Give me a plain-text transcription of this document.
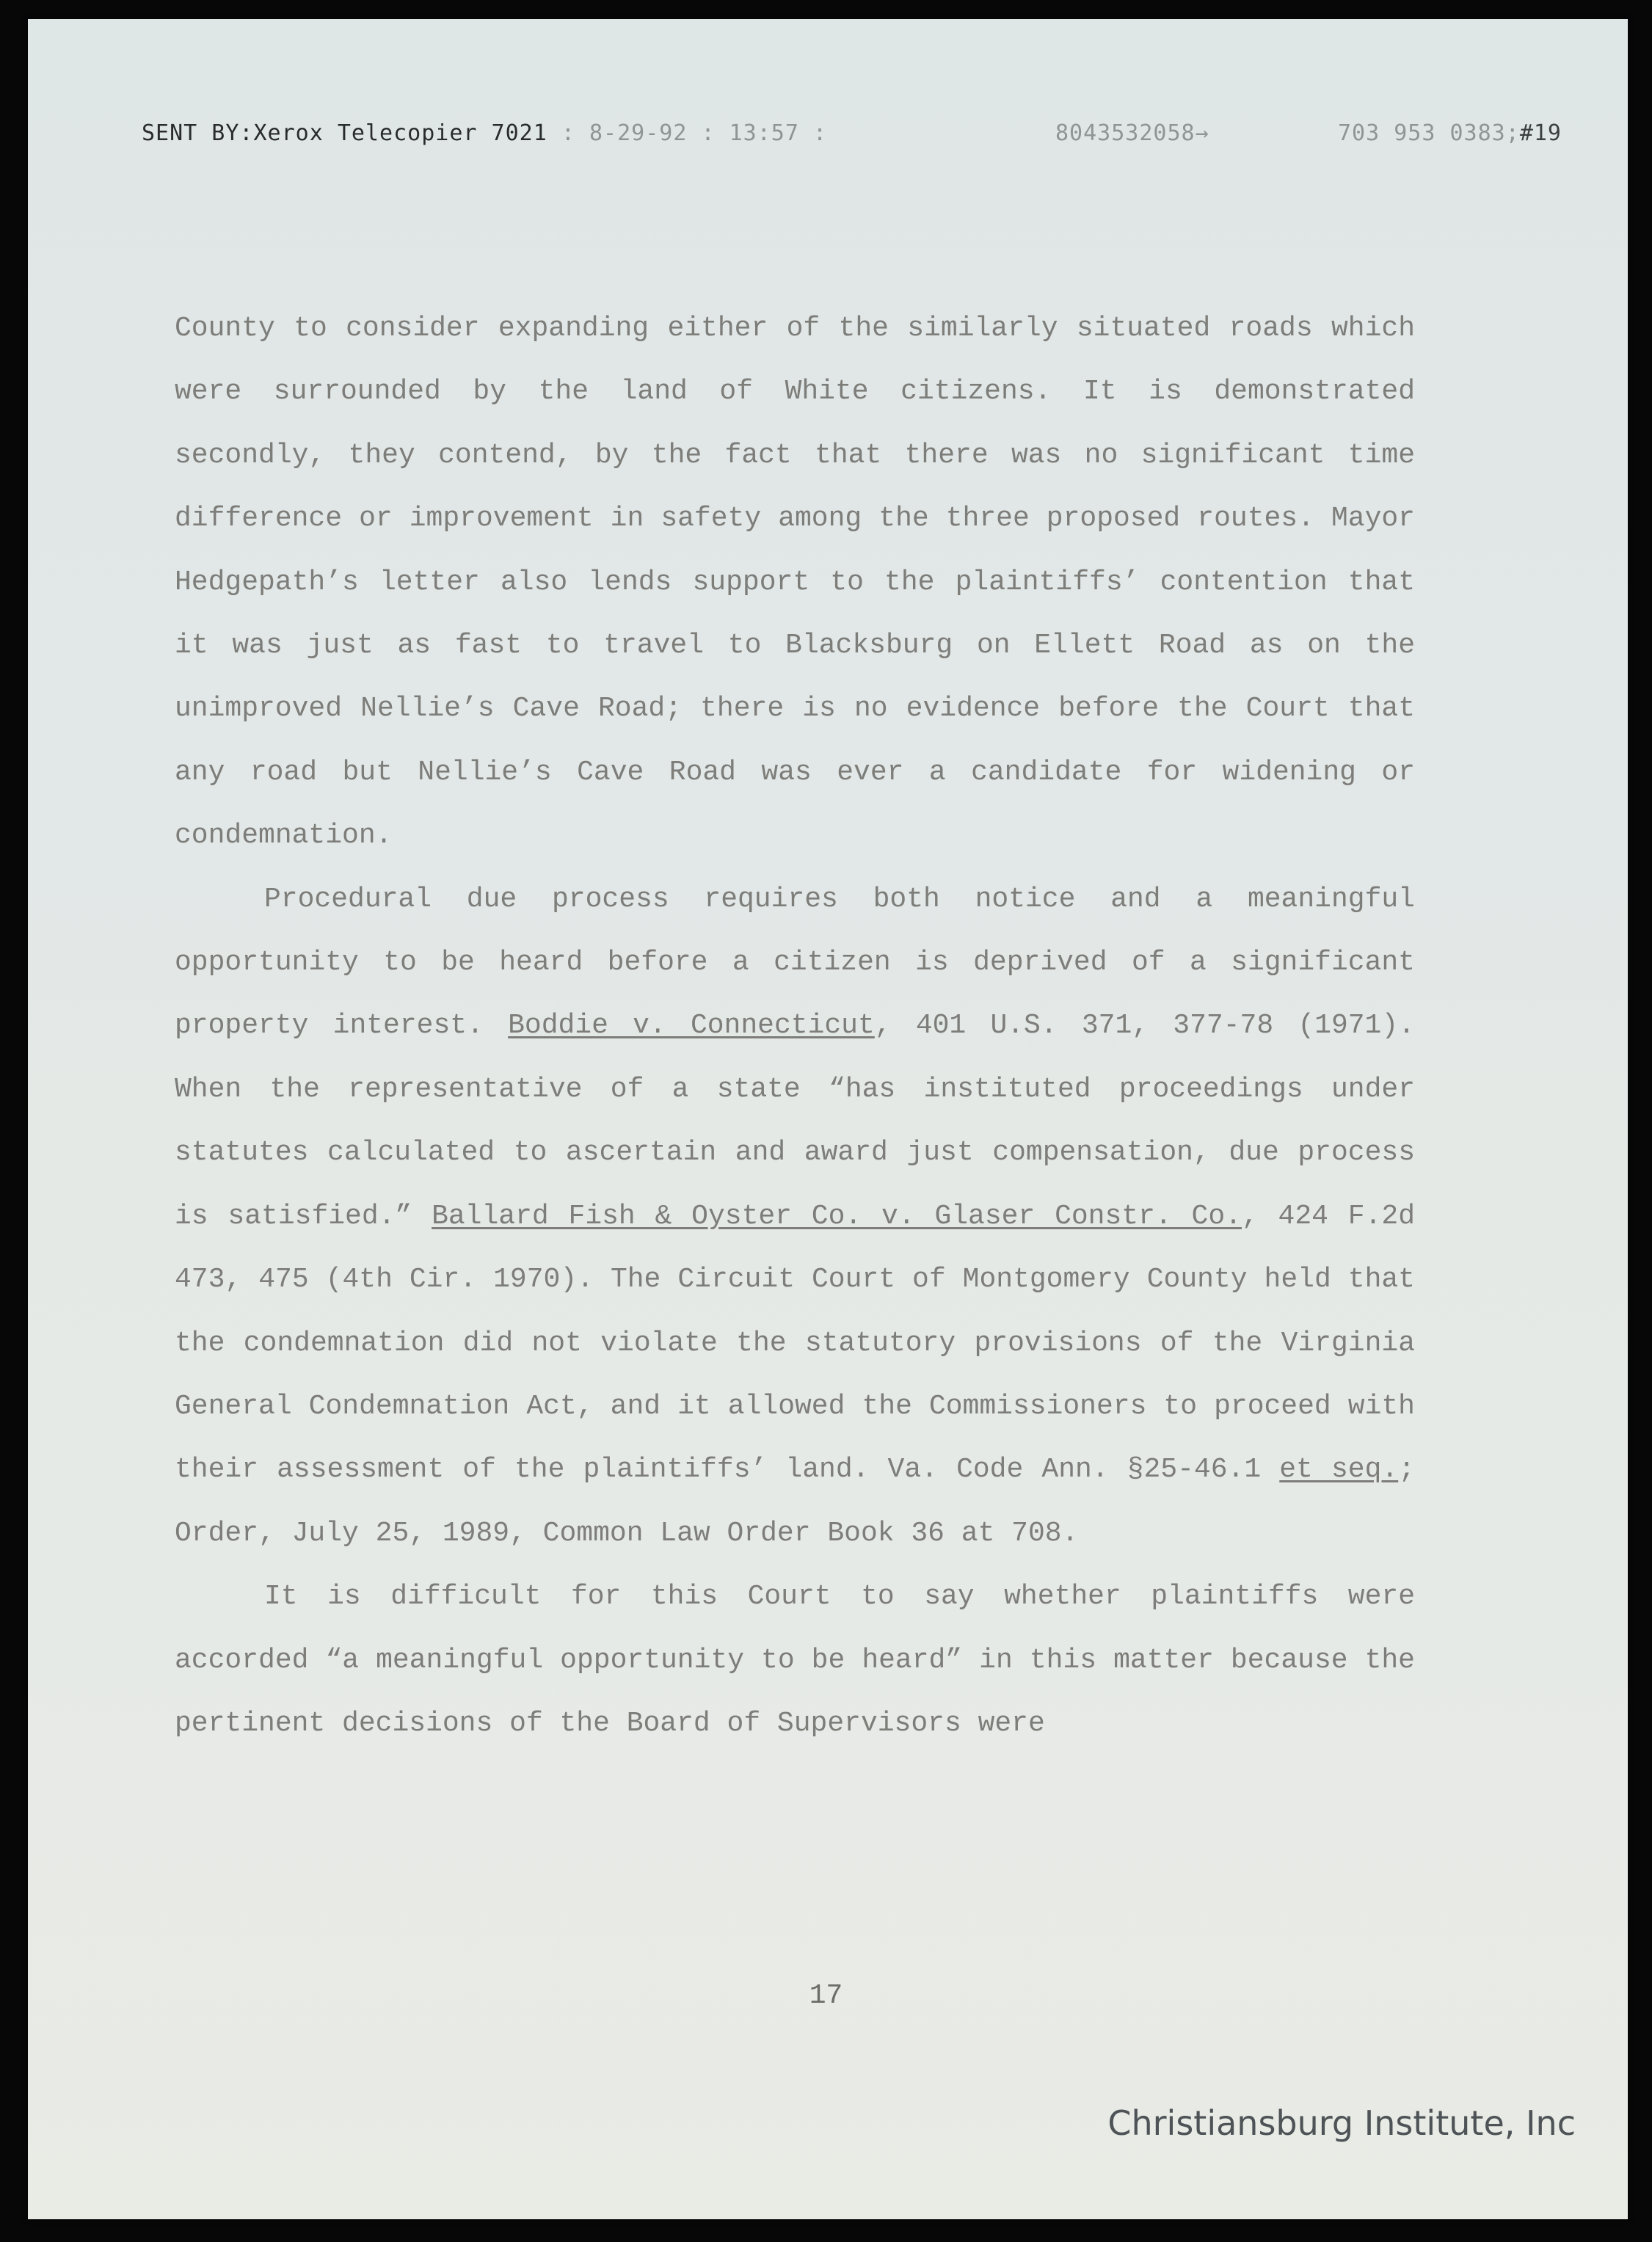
SENT BY:Xerox Telecopier 7021 : 8-29-92 : 13:57 :	8043532058→	703 953 0383;#19

County to consider expanding either of the similarly situated roads which were surrounded by the land of White citizens. It is demonstrated secondly, they contend, by the fact that there was no significant time difference or improvement in safety among the three proposed routes. Mayor Hedgepath’s letter also lends support to the plaintiffs’ contention that it was just as fast to travel to Blacksburg on Ellett Road as on the unimproved Nellie’s Cave Road; there is no evidence before the Court that any road but Nellie’s Cave Road was ever a candidate for widening or condemnation.

Procedural due process requires both notice and a meaningful opportunity to be heard before a citizen is deprived of a significant property interest. Boddie v. Connecticut, 401 U.S. 371, 377-78 (1971). When the representative of a state “has instituted proceedings under statutes calculated to ascertain and award just compensation, due process is satisfied.” Ballard Fish & Oyster Co. v. Glaser Constr. Co., 424 F.2d 473, 475 (4th Cir. 1970). The Circuit Court of Montgomery County held that the condemnation did not violate the statutory provisions of the Virginia General Condemnation Act, and it allowed the Commissioners to proceed with their assessment of the plaintiffs’ land. Va. Code Ann. §25-46.1 et seq.; Order, July 25, 1989, Common Law Order Book 36 at 708.

It is difficult for this Court to say whether plaintiffs were accorded “a meaningful opportunity to be heard” in this matter because the pertinent decisions of the Board of Supervisors were

17
Christiansburg Institute, Inc
